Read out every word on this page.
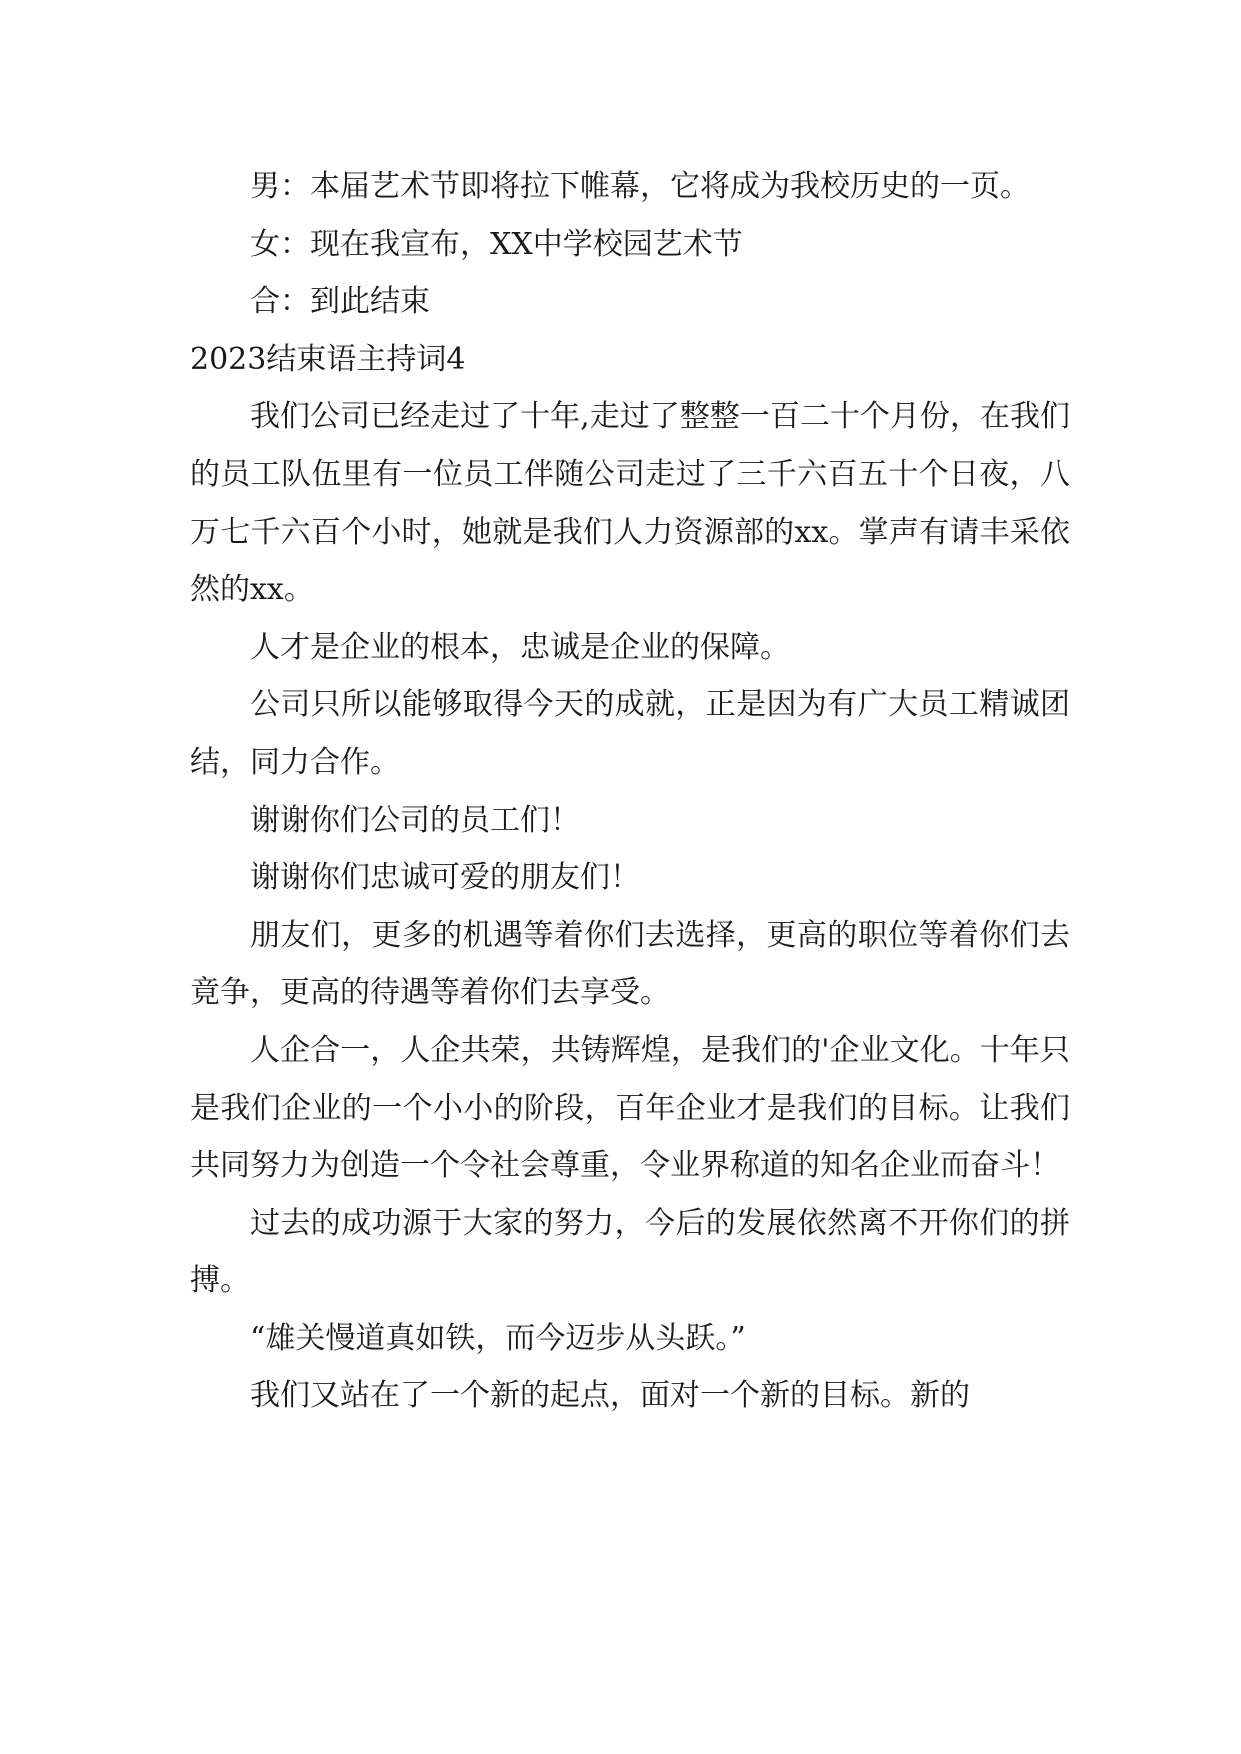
男：本届艺术节即将拉下帷幕，它将成为我校历史的一页。

女：现在我宣布，XX中学校园艺术节

合：到此结束

2023结束语主持词4

我们公司已经走过了十年,走过了整整一百二十个月份，在我们的员工队伍里有一位员工伴随公司走过了三千六百五十个日夜，八万七千六百个小时，她就是我们人力资源部的xx。掌声有请丰采依然的xx。

人才是企业的根本，忠诚是企业的保障。

公司只所以能够取得今天的成就，正是因为有广大员工精诚团结，同力合作。

谢谢你们公司的员工们！

谢谢你们忠诚可爱的朋友们！

朋友们，更多的机遇等着你们去选择，更高的职位等着你们去竟争，更高的待遇等着你们去享受。

人企合一，人企共荣，共铸辉煌，是我们的'企业文化。十年只是我们企业的一个小小的阶段，百年企业才是我们的目标。让我们共同努力为创造一个令社会尊重，令业界称道的知名企业而奋斗！

过去的成功源于大家的努力，今后的发展依然离不开你们的拼搏。

“雄关慢道真如铁，而今迈步从头跃。”

我们又站在了一个新的起点，面对一个新的目标。新的
